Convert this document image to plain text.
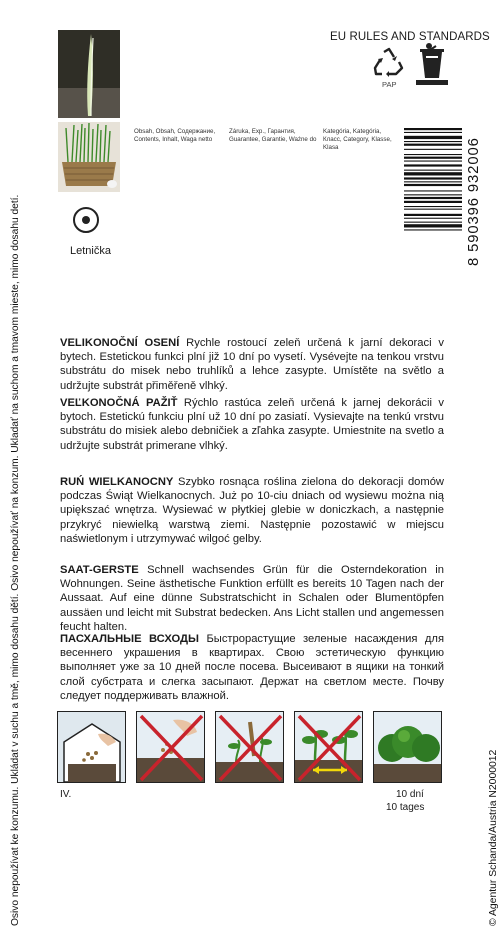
Osivo nepoužívat ke konzumu. Ukládat v suchu a tmě, mimo dosahu dětí. Osivo nepoužívať na konzum. Ukladať na suchom a tmavom mieste, mimo dosahu detí.	© Agentur Schanda/Austria N2000012
Letnička
EU RULES AND STANDARDS
PAP
Obsah, Obsah, Содержание, Contents, Inhalt, Waga netto
Záruka, Exp., Гарантия, Guarantee, Garantie, Ważne do
Kategória, Kategória, Класс, Category, Klasse, Klasa	8 590396 932006
VELIKONOČNÍ OSENÍ Rychle rostoucí zeleň určená k jarní dekoraci v bytech. Estetickou funkci plní již 10 dní po vysetí. Vysévejte na tenkou vrstvu substrátu do misek nebo truhlíků a lehce zasypte. Umístěte na světlo a udržujte substrát přiměřeně vlhký.
VEĽKONOČNÁ PAŽIŤ Rýchlo rastúca zeleň určená k jarnej dekorácii v bytoch. Estetickú funkciu plní už 10 dní po zasiatí. Vysievajte na tenkú vrstvu substrátu do misiek alebo debničiek a zľahka zasypte. Umiestnite na svetlo a udržujte substrát primerane vlhký.
RUŃ WIELKANOCNY Szybko rosnąca roślina zielona do dekoracji domów podczas Świąt Wielkanocnych. Już po 10-ciu dniach od wysiewu można nią upiększać wnętrza. Wysiewać w płytkiej glebie w doniczkach, a następnie przykryć niewielką warstwą ziemi. Następnie pozostawić w miejscu naświetlonym i utrzymywać wilgoć gelby.
SAAT-GERSTE Schnell wachsendes Grün für die Osterndekoration in Wohnungen. Seine ästhetische Funktion erfüllt es bereits 10 Tagen nach der Aussaat. Auf eine dünne Substratschicht in Schalen oder Blumentöpfen aussäen und leicht mit Substrat bedecken. Ans Licht stallen und angemessen feucht halten.
ПАСХАЛЬНЫЕ ВСХОДЫ Быстрорастущие зеленые насаждения для весеннего украшения в квартирах. Свою эстетическую функцию выполняет уже за 10 дней после посева. Высеивают в ящики на тонкий слой субстрата и слегка засыпают. Держат на светлом месте. Почву следует поддерживать влажной.
IV.	10 dní
10 tages
